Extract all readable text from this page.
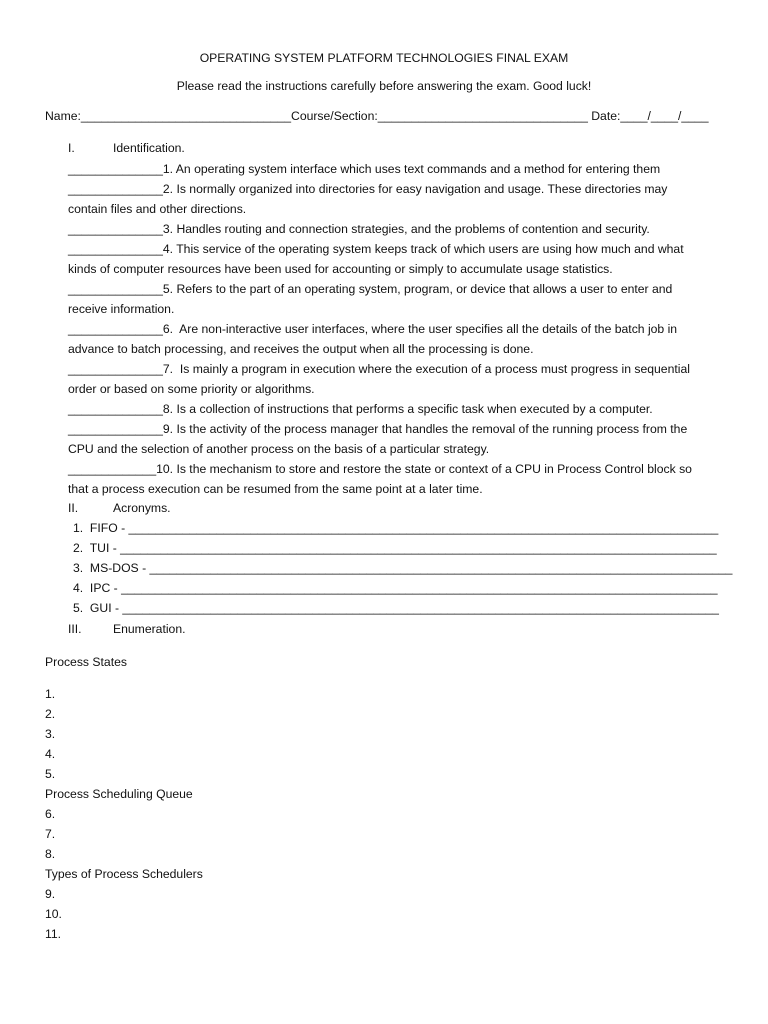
OPERATING SYSTEM PLATFORM TECHNOLOGIES FINAL EXAM
Please read the instructions carefully before answering the exam. Good luck!
Name:_______________________________Course/Section:_______________________________ Date:____/____/____
I.	Identification.
______________1. An operating system interface which uses text commands and a method for entering them
______________2. Is normally organized into directories for easy navigation and usage. These directories may
contain files and other directions.
______________3. Handles routing and connection strategies, and the problems of contention and security.
______________4. This service of the operating system keeps track of which users are using how much and what
kinds of computer resources have been used for accounting or simply to accumulate usage statistics.
______________5. Refers to the part of an operating system, program, or device that allows a user to enter and
receive information.
______________6.  Are non-interactive user interfaces, where the user specifies all the details of the batch job in
advance to batch processing, and receives the output when all the processing is done.
______________7.  Is mainly a program in execution where the execution of a process must progress in sequential
order or based on some priority or algorithms.
______________8. Is a collection of instructions that performs a specific task when executed by a computer.
______________9. Is the activity of the process manager that handles the removal of the running process from the
CPU and the selection of another process on the basis of a particular strategy.
_____________10. Is the mechanism to store and restore the state or context of a CPU in Process Control block so
that a process execution can be resumed from the same point at a later time.
II.	Acronyms.
1.  FIFO - _______________________________________________________________________________________
2.  TUI - ________________________________________________________________________________________
3.  MS-DOS - ______________________________________________________________________________________
4.  IPC - ________________________________________________________________________________________
5.  GUI - ________________________________________________________________________________________
III.	Enumeration.
Process States
1.
2.
3.
4.
5.
Process Scheduling Queue
6.
7.
8.
Types of Process Schedulers
9.
10.
11.
